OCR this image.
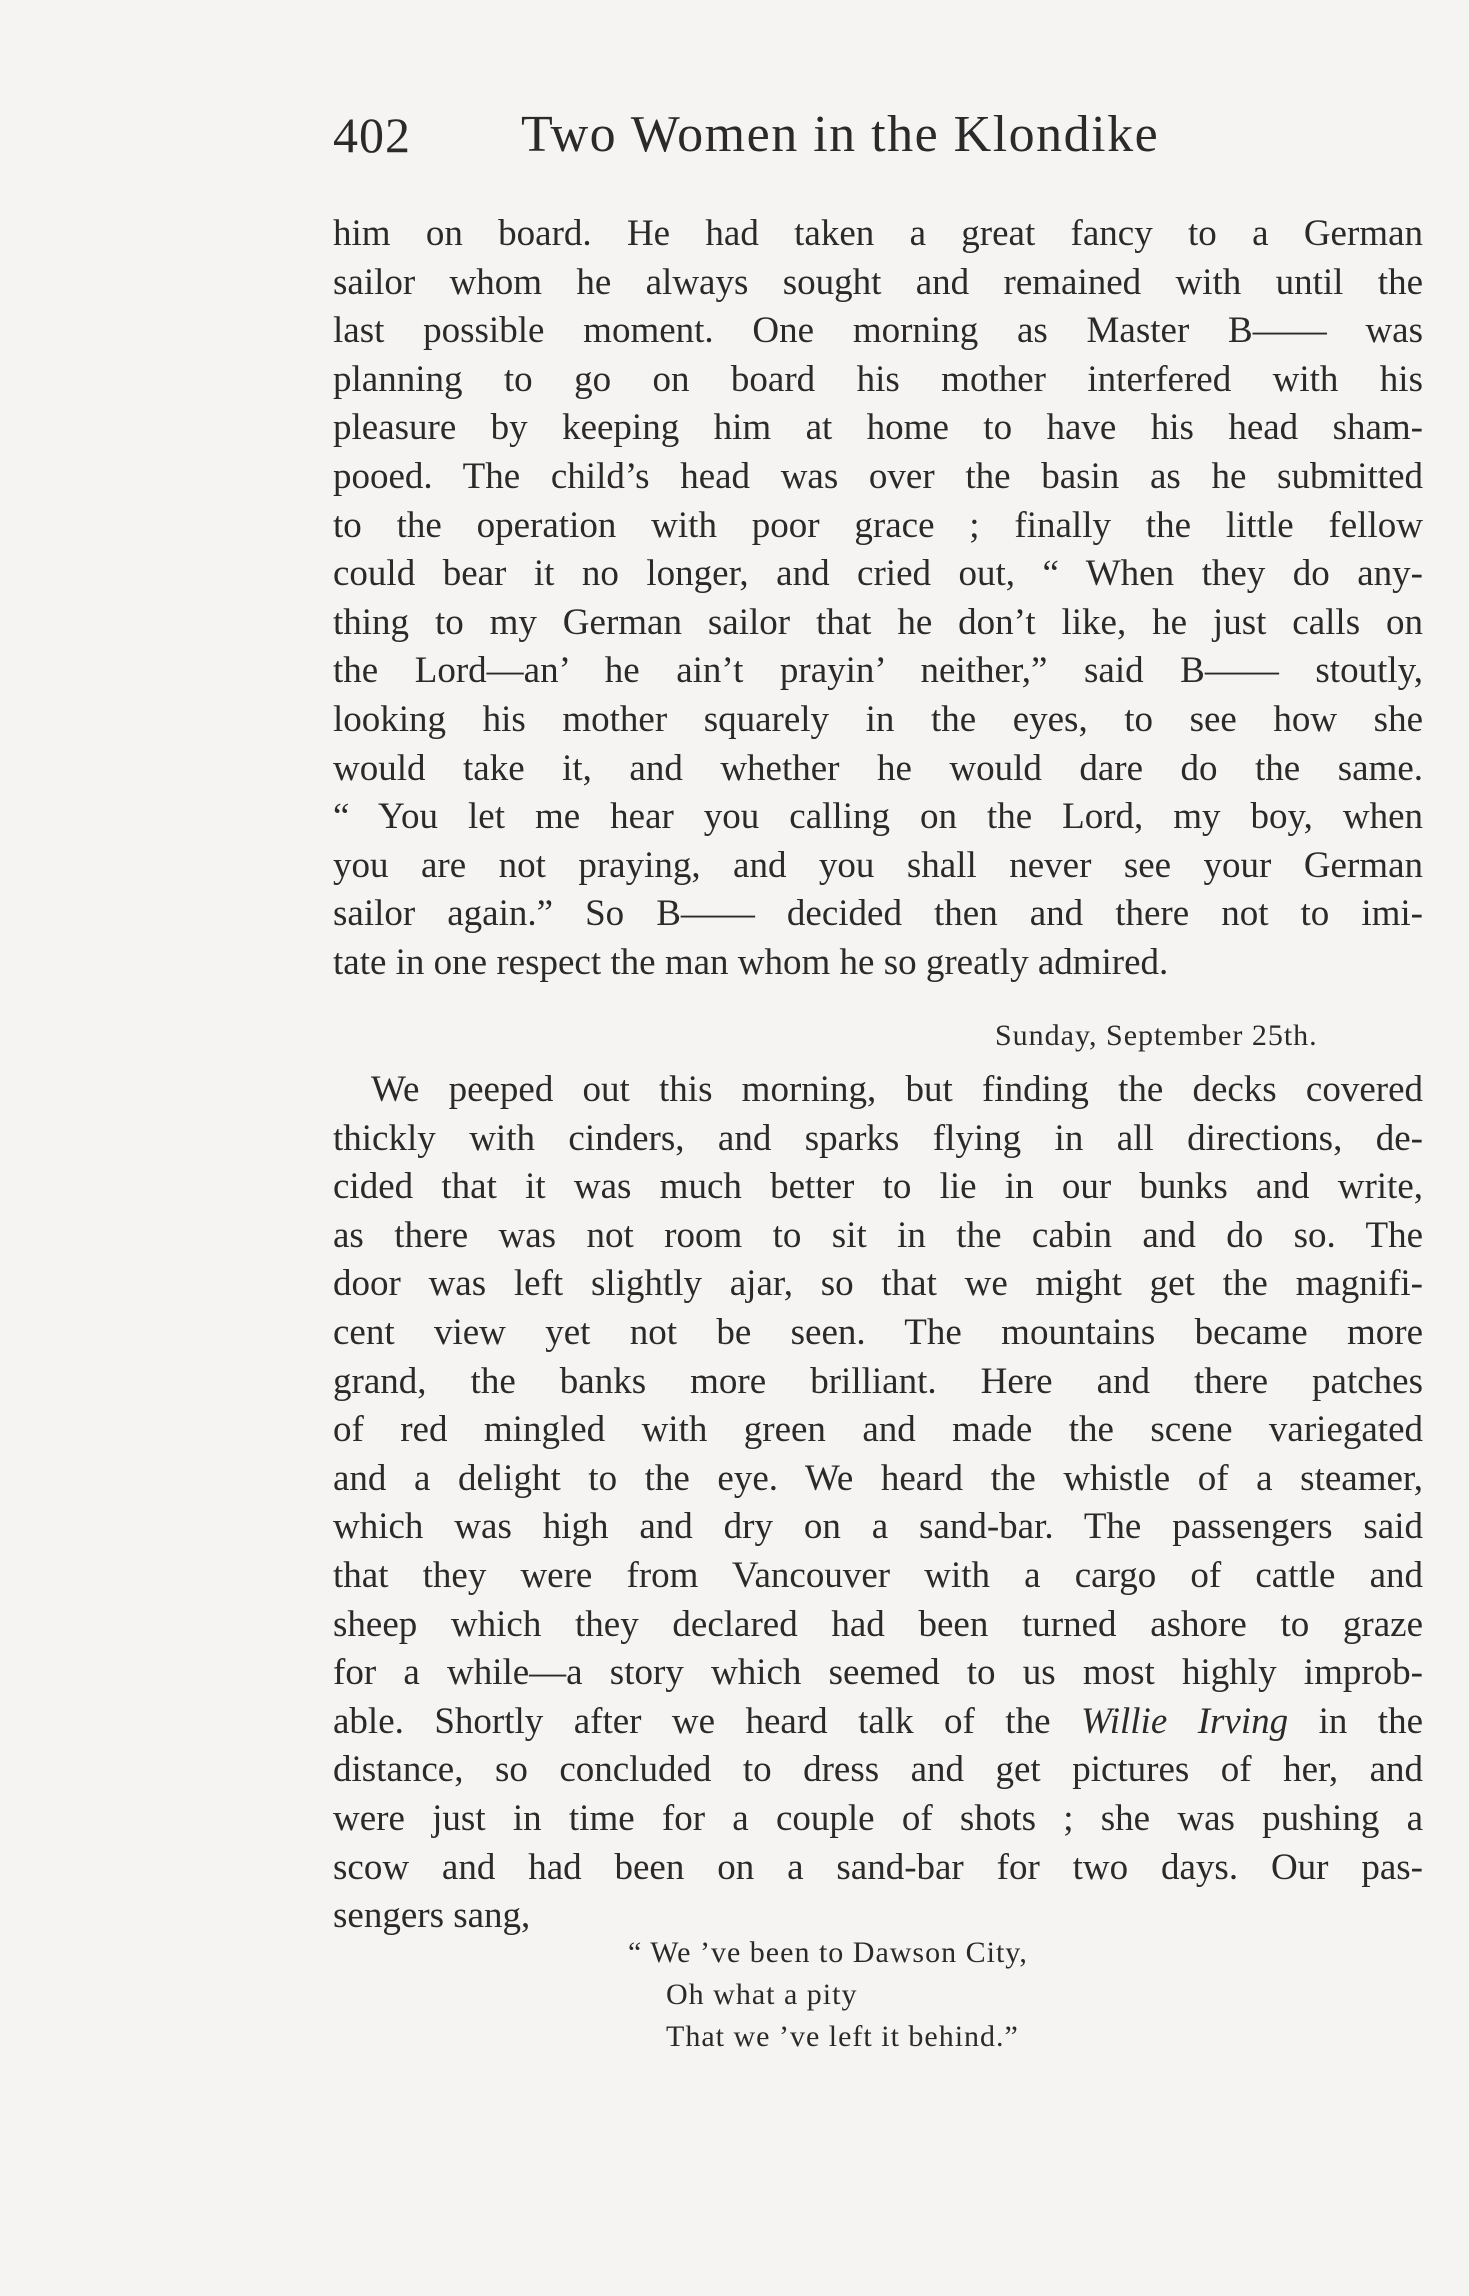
402 Two Women in the Klondike
him on board. He had taken a great fancy to a German
sailor whom he always sought and remained with until the
last possible moment. One morning as Master B—— was
planning to go on board his mother interfered with his
pleasure by keeping him at home to have his head sham-
pooed. The child’s head was over the basin as he submitted
to the operation with poor grace ; finally the little fellow
could bear it no longer, and cried out, “ When they do any-
thing to my German sailor that he don’t like, he just calls on
the Lord—an’ he ain’t prayin’ neither,” said B—— stoutly,
looking his mother squarely in the eyes, to see how she
would take it, and whether he would dare do the same.
“ You let me hear you calling on the Lord, my boy, when
you are not praying, and you shall never see your German
sailor again.” So B—— decided then and there not to imi-
tate in one respect the man whom he so greatly admired.
Sunday, September 25th.
We peeped out this morning, but finding the decks covered
thickly with cinders, and sparks flying in all directions, de-
cided that it was much better to lie in our bunks and write,
as there was not room to sit in the cabin and do so. The
door was left slightly ajar, so that we might get the magnifi-
cent view yet not be seen. The mountains became more
grand, the banks more brilliant. Here and there patches
of red mingled with green and made the scene variegated
and a delight to the eye. We heard the whistle of a steamer,
which was high and dry on a sand-bar. The passengers said
that they were from Vancouver with a cargo of cattle and
sheep which they declared had been turned ashore to graze
for a while—a story which seemed to us most highly improb-
able. Shortly after we heard talk of the Willie Irving in the
distance, so concluded to dress and get pictures of her, and
were just in time for a couple of shots ; she was pushing a
scow and had been on a sand-bar for two days. Our pas-
sengers sang,
“ We ’ve been to Dawson City,
Oh what a pity
That we ’ve left it behind.”
